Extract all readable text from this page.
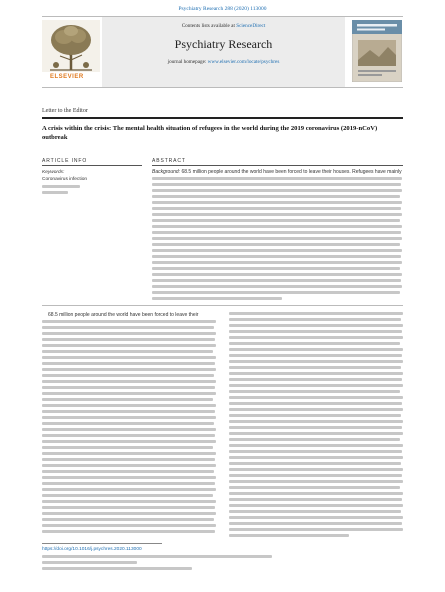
Psychiatry Research 288 (2020) 113000
ELSEVIER
Contents lists available at ScienceDirect
Psychiatry Research
journal homepage: www.elsevier.com/locate/psychres
Letter to the Editor
A crisis within the crisis: The mental health situation of refugees in the world during the 2019 coronavirus (2019-nCoV) outbreak
ARTICLE INFO
Keywords:
Coronavirus infection
ABSTRACT
Background: 68.5 million people around the world have been forced to leave their houses. Refugees have mainly
68.5 million people around the world have been forced to leave their
https://doi.org/10.1016/j.psychres.2020.113000
